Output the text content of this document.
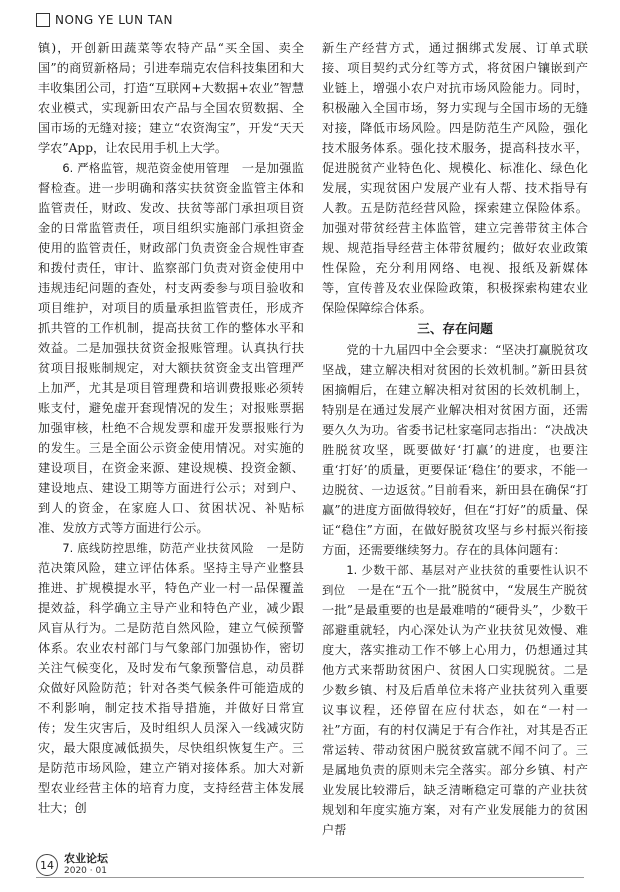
NONG YE LUN TAN

镇)，开创新田蔬菜等农特产品“买全国、卖全国”的商贸新格局；引进奉瑞克农信科技集团和大丰收集团公司，打造“互联网+大数据+农业”智慧农业模式，实现新田农产品与全国农贸数据、全国市场的无缝对接；建立“农资淘宝”，开发“天天学农”App，让农民用手机上大学。

6. 严格监管，规范资金使用管理　 一是加强监督检查。进一步明确和落实扶贫资金监管主体和监管责任，财政、发改、扶贫等部门承担项目资金的日常监管责任，项目组织实施部门承担资金使用的监管责任，财政部门负责资金合规性审查和拨付责任，审计、监察部门负责对资金使用中违规违纪问题的查处，村支两委参与项目验收和项目维护，对项目的质量承担监管责任，形成齐抓共管的工作机制，提高扶贫工作的整体水平和效益。二是加强扶贫资金报账管理。认真执行扶贫项目报账制规定，对大额扶贫资金支出管理严上加严，尤其是项目管理费和培训费报账必须转账支付，避免虚开套现情况的发生；对报账票据加强审核，杜绝不合规发票和虚开发票报账行为的发生。三是全面公示资金使用情况。对实施的建设项目，在资金来源、建设规模、投资金额、建设地点、建设工期等方面进行公示；对到户、到人的资金，在家庭人口、贫困状况、补贴标准、发放方式等方面进行公示。

7. 底线防控思维，防范产业扶贫风险　 一是防范决策风险，建立评估体系。坚持主导产业整县推进、扩规模提水平，特色产业一村一品保覆盖提效益，科学确立主导产业和特色产业，减少跟风盲从行为。二是防范自然风险，建立气候预警体系。农业农村部门与气象部门加强协作，密切关注气候变化，及时发布气象预警信息，动员群众做好风险防范；针对各类气候条件可能造成的不利影响，制定技术指导措施，并做好日常宣传；发生灾害后，及时组织人员深入一线减灾防灾，最大限度减低损失，尽快组织恢复生产。三是防范市场风险，建立产销对接体系。加大对新型农业经营主体的培育力度，支持经营主体发展壮大；创

新生产经营方式，通过捆绑式发展、订单式联接、项目契约式分红等方式，将贫困户镶嵌到产业链上，增强小农户对抗市场风险能力。同时，积极融入全国市场，努力实现与全国市场的无缝对接，降低市场风险。四是防范生产风险，强化技术服务体系。强化技术服务，提高科技水平，促进脱贫产业特色化、规模化、标准化、绿色化发展，实现贫困户发展产业有人帮、技术指导有人教。五是防范经营风险，探索建立保险体系。加强对带贫经营主体监管，建立完善带贫主体合规、规范指导经营主体带贫履约；做好农业政策性保险，充分利用网络、电视、报纸及新媒体等，宣传普及农业保险政策，积极探索构建农业保险保障综合体系。

三、存在问题

党的十九届四中全会要求：“坚决打赢脱贫攻坚战，建立解决相对贫困的长效机制。”新田县贫困摘帽后，在建立解决相对贫困的长效机制上，特别是在通过发展产业解决相对贫困方面，还需要久久为功。省委书记杜家毫同志指出：“决战决胜脱贫攻坚，既要做好‘打赢’的进度，也要注重‘打好’的质量，更要保证‘稳住’的要求，不能一边脱贫、一边返贫。”目前看来，新田县在确保“打赢”的进度方面做得较好，但在“打好”的质量、保证“稳住”方面，在做好脱贫攻坚与乡村振兴衔接方面，还需要继续努力。存在的具体问题有：

1. 少数干部、基层对产业扶贫的重要性认识不到位　 一是在“五个一批”脱贫中，“发展生产脱贫一批”是最重要的也是最难啃的“硬骨头”，少数干部避重就轻，内心深处认为产业扶贫见效慢、难度大，落实推动工作不够上心用力，仍想通过其他方式来帮助贫困户、贫困人口实现脱贫。二是少数乡镇、村及后盾单位未将产业扶贫列入重要议事议程，还停留在应付状态，如在“一村一社”方面，有的村仅满足于有合作社，对其是否正常运转、带动贫困户脱贫致富就不闻不问了。三是属地负责的原则未完全落实。部分乡镇、村产业发展比较滞后，缺乏清晰稳定可靠的产业扶贫规划和年度实施方案，对有产业发展能力的贫困户帮

14 农业论坛
2020 · 01
